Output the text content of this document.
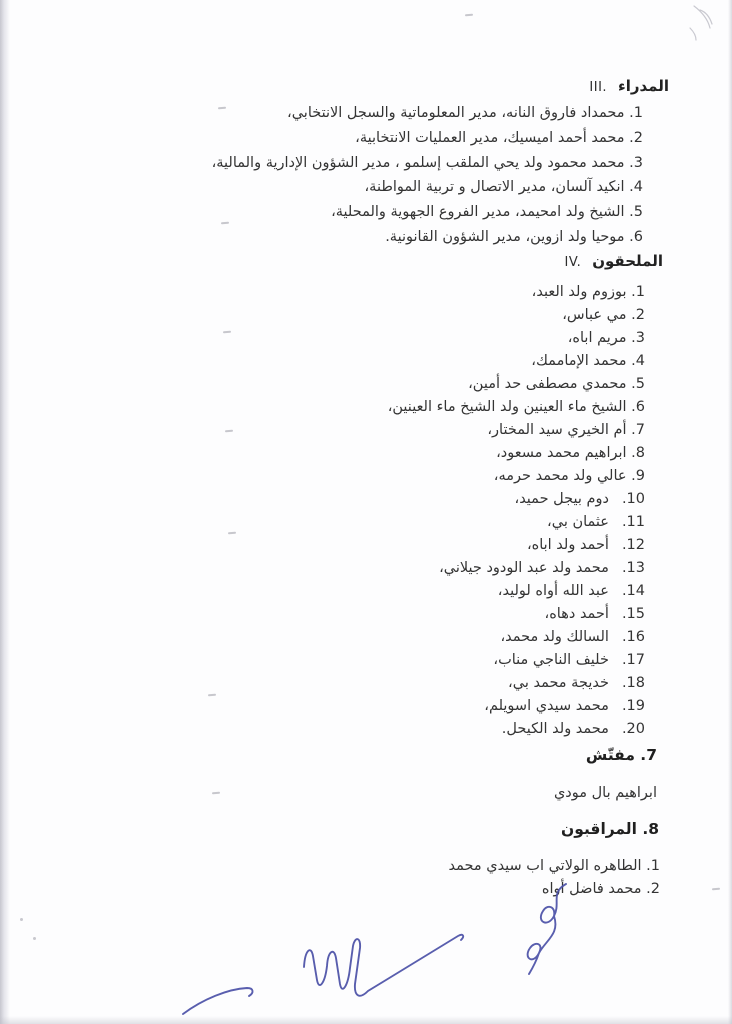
المدراءIII.
1. محمداد فاروق النانه، مدير المعلوماتية والسجل الانتخابي،
2. محمد أحمد اميسيك، مدير العمليات الانتخابية،
3. محمد محمود ولد يحي الملقب إسلمو ، مدير الشؤون الإدارية والمالية،
4. انكيد آلسان، مدير الاتصال و تربية المواطنة،
5. الشيخ ولد امحيمد، مدير الفروع الجهوية والمحلية،
6. موحيا ولد ازوين، مدير الشؤون القانونية.
الملحقونIV.
1. بوزوم ولد العبد،
2. مي عباس،
3. مريم اباه،
4. محمد الإماممك،
5. محمدي مصطفى حد أمين،
6. الشيخ ماء العينين ولد الشيخ ماء العينين،
7. أم الخيري سيد المختار،
8. ابراهيم محمد مسعود،
9. عالي ولد محمد حرمه،
10.دوم بيجل حميد،
11.عثمان بي،
12.أحمد ولد اباه،
13.محمد ولد عبد الودود جيلاني،
14.عبد الله أواه لوليد،
15.أحمد دهاه،
16.السالك ولد محمد،
17.خليف الناجي مناب،
18.خديجة محمد بي،
19.محمد سيدي اسويلم،
20.محمد ولد الكيحل.
7. مفتّش
ابراهيم بال مودي
8. المراقبون
1. الطاهره الولاتي اب سيدي محمد
2. محمد فاضل أواه
